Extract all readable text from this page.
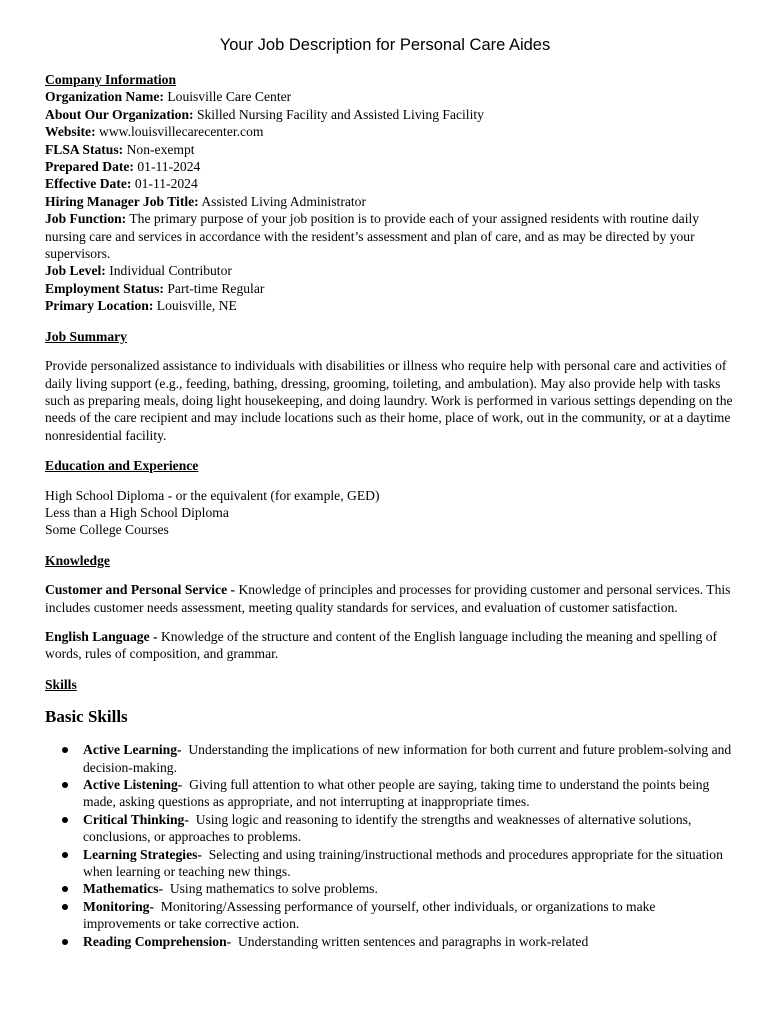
Your Job Description for Personal Care Aides

Company Information

Organization Name: Louisville Care Center

About Our Organization: Skilled Nursing Facility and Assisted Living Facility

Website: www.louisvillecarecenter.com

FLSA Status: Non-exempt

Prepared Date: 01-11-2024

Effective Date: 01-11-2024

Hiring Manager Job Title: Assisted Living Administrator

Job Function: The primary purpose of your job position is to provide each of your assigned residents with routine daily nursing care and services in accordance with the resident’s assessment and plan of care, and as may be directed by your supervisors.

Job Level: Individual Contributor

Employment Status: Part-time Regular

Primary Location: Louisville, NE

Job Summary

Provide personalized assistance to individuals with disabilities or illness who require help with personal care and activities of daily living support (e.g., feeding, bathing, dressing, grooming, toileting, and ambulation). May also provide help with tasks such as preparing meals, doing light housekeeping, and doing laundry. Work is performed in various settings depending on the needs of the care recipient and may include locations such as their home, place of work, out in the community, or at a daytime nonresidential facility.

Education and Experience

High School Diploma - or the equivalent (for example, GED)

Less than a High School Diploma

Some College Courses

Knowledge

Customer and Personal Service - Knowledge of principles and processes for providing customer and personal services. This includes customer needs assessment, meeting quality standards for services, and evaluation of customer satisfaction.

English Language - Knowledge of the structure and content of the English language including the meaning and spelling of words, rules of composition, and grammar.

Skills

Basic Skills

Active Learning- Understanding the implications of new information for both current and future problem-solving and decision-making.
Active Listening- Giving full attention to what other people are saying, taking time to understand the points being made, asking questions as appropriate, and not interrupting at inappropriate times.
Critical Thinking- Using logic and reasoning to identify the strengths and weaknesses of alternative solutions, conclusions, or approaches to problems.
Learning Strategies- Selecting and using training/instructional methods and procedures appropriate for the situation when learning or teaching new things.
Mathematics- Using mathematics to solve problems.
Monitoring- Monitoring/Assessing performance of yourself, other individuals, or organizations to make improvements or take corrective action.
Reading Comprehension- Understanding written sentences and paragraphs in work-related
